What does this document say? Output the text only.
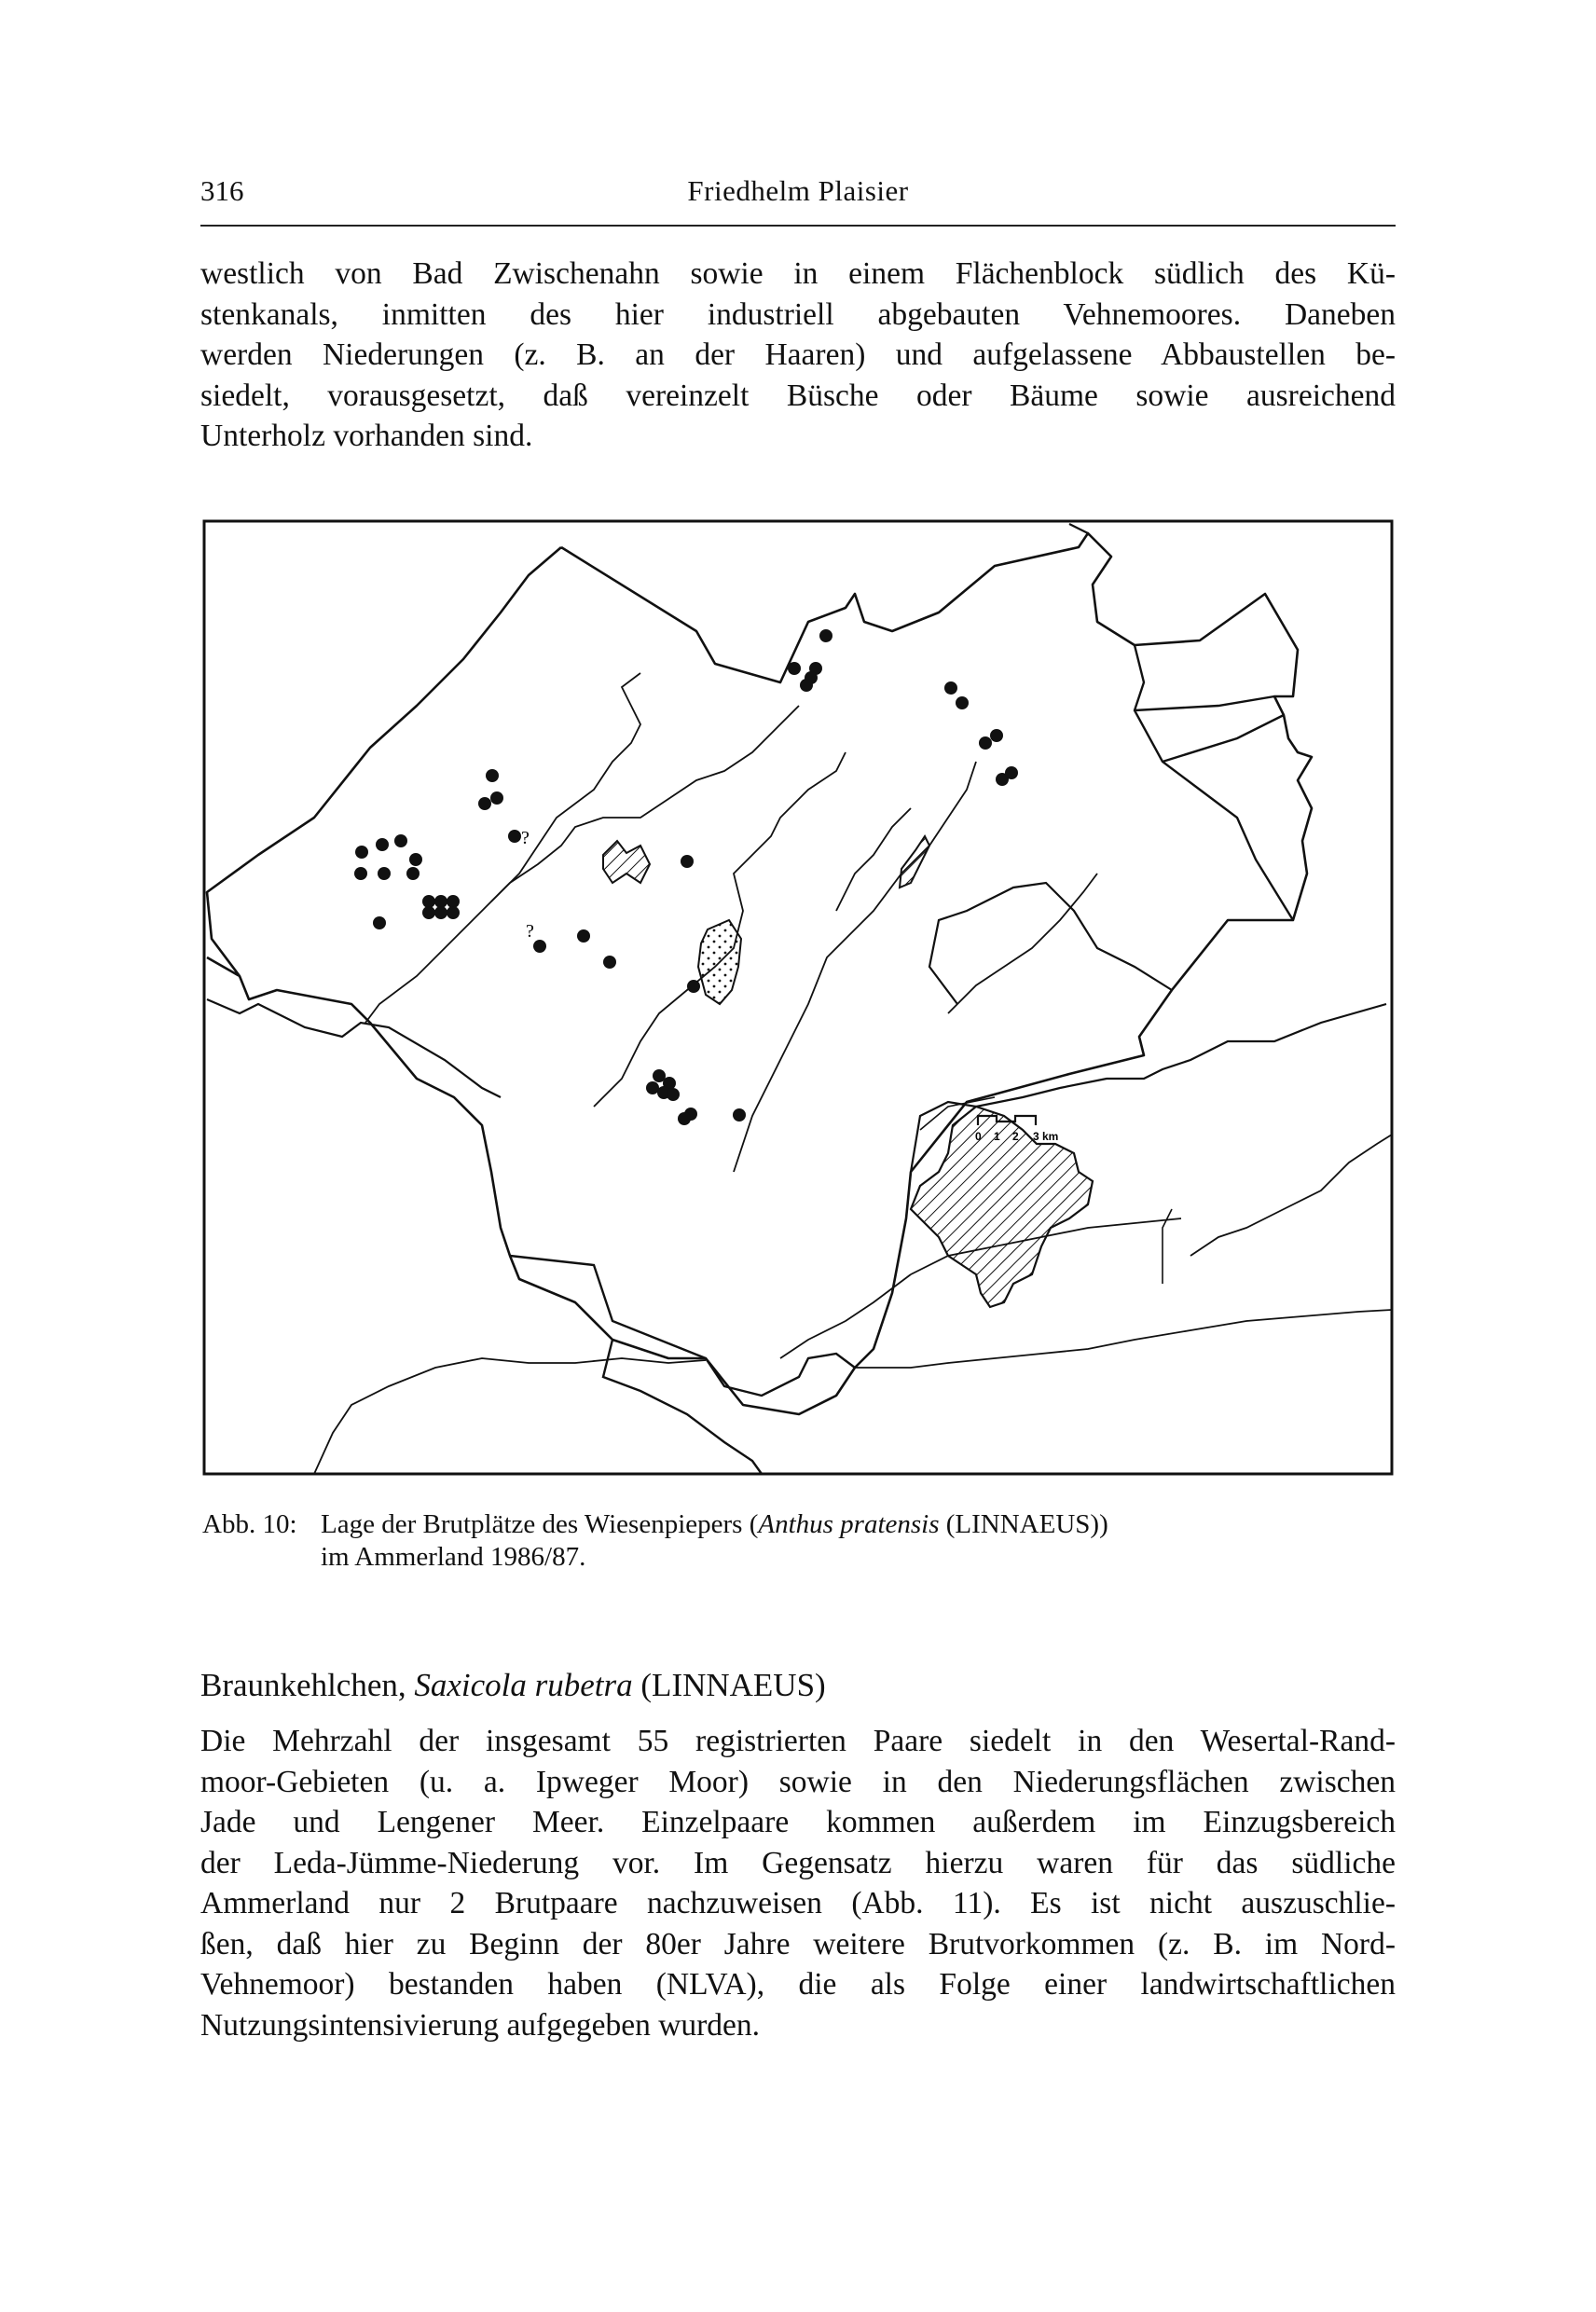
316	Friedhelm Plaisier

westlich von Bad Zwischenahn sowie in einem Flächenblock südlich des Kü-
stenkanals, inmitten des hier industriell abgebauten Vehnemoores. Daneben
werden Niederungen (z. B. an der Haaren) und aufgelassene Abbaustellen be-
siedelt, vorausgesetzt, daß vereinzelt Büsche oder Bäume sowie ausreichend
Unterholz vorhanden sind.

?
?
0 1 2 3 km
Abb. 10: Lage der Brutplätze des Wiesenpiepers (Anthus pratensis (LINNAEUS))
im Ammerland 1986/87.
Braunkehlchen, Saxicola rubetra (LINNAEUS)

Die Mehrzahl der insgesamt 55 registrierten Paare siedelt in den Wesertal-Rand-
moor-Gebieten (u. a. Ipweger Moor) sowie in den Niederungsflächen zwischen
Jade und Lengener Meer. Einzelpaare kommen außerdem im Einzugsbereich
der Leda-Jümme-Niederung vor. Im Gegensatz hierzu waren für das südliche
Ammerland nur 2 Brutpaare nachzuweisen (Abb. 11). Es ist nicht auszuschlie-
ßen, daß hier zu Beginn der 80er Jahre weitere Brutvorkommen (z. B. im Nord-
Vehnemoor) bestanden haben (NLVA), die als Folge einer landwirtschaftlichen
Nutzungsintensivierung aufgegeben wurden.
